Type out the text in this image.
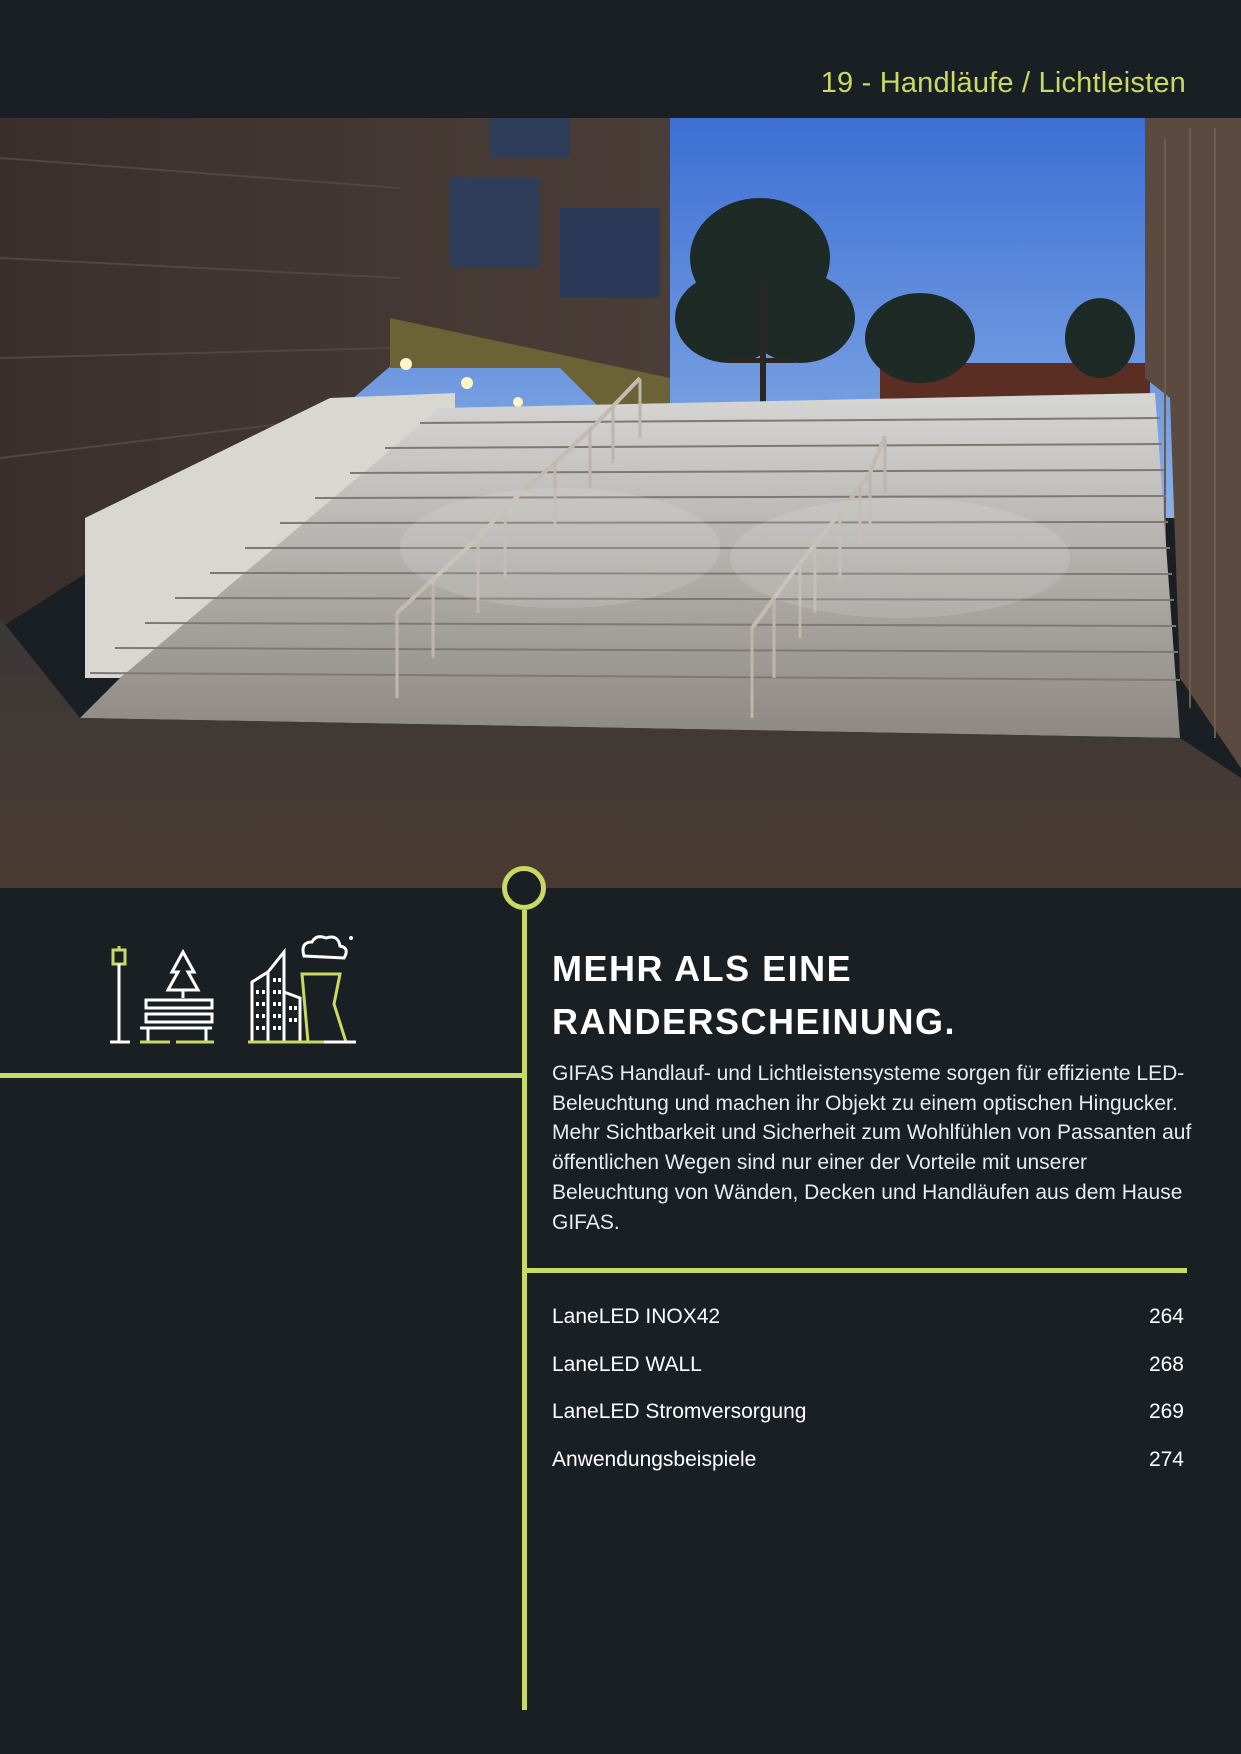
19 - Handläufe / Lichtleisten
MEHR ALS EINE
RANDERSCHEINUNG.

GIFAS Handlauf- und Lichtleistensysteme sorgen für effiziente LED-Beleuchtung und machen ihr Objekt zu einem optischen Hingucker. Mehr Sichtbarkeit und Sicherheit zum Wohlfühlen von Passanten auf öffentlichen Wegen sind nur einer der Vorteile mit unserer Beleuchtung von Wänden, Decken und Handläufen aus dem Hause GIFAS.

LaneLED INOX42	264
LaneLED WALL	268
LaneLED Stromversorgung	269
Anwendungsbeispiele	274
